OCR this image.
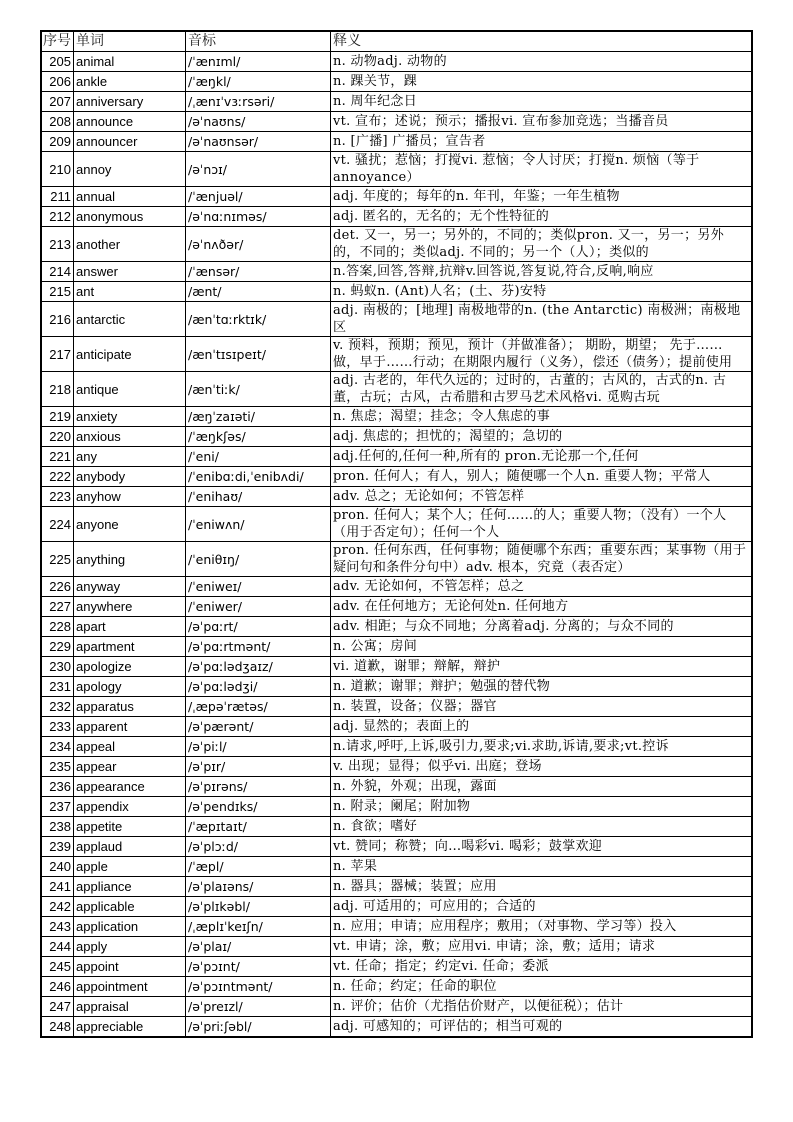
序号	单词	音标	释义
205	animal	/ˈænɪml/	n. 动物adj. 动物的
206	ankle	/ˈæŋkl/	n. 踝关节，踝
207	anniversary	/ˌænɪˈvɜːrsəri/	n. 周年纪念日
208	announce	/əˈnaʊns/	vt. 宣布；述说；预示；播报vi. 宣布参加竞选；当播音员
209	announcer	/əˈnaʊnsər/	n. [广播] 广播员；宣告者
210	annoy	/əˈnɔɪ/	vt. 骚扰；惹恼；打搅vi. 惹恼；令人讨厌；打搅n. 烦恼（等于annoyance）
211	annual	/ˈænjuəl/	adj. 年度的；每年的n. 年刊，年鉴；一年生植物
212	anonymous	/əˈnɑːnɪməs/	adj. 匿名的，无名的；无个性特征的
213	another	/əˈnʌðər/	det. 又一，另一；另外的，不同的；类似pron. 又一，另一；另外的，不同的；类似adj. 不同的；另一个（人）；类似的
214	answer	/ˈænsər/	n.答案,回答,答辩,抗辩v.回答说,答复说,符合,反响,响应
215	ant	/ænt/	n. 蚂蚁n. (Ant)人名；(土、芬)安特
216	antarctic	/ænˈtɑːrktɪk/	adj. 南极的；[地理] 南极地带的n. (the Antarctic) 南极洲；南极地区
217	anticipate	/ænˈtɪsɪpeɪt/	v. 预料，预期；预见，预计（并做准备）； 期盼，期望； 先于……做，早于……行动；在期限内履行（义务），偿还（债务）；提前使用
218	antique	/ænˈtiːk/	adj. 古老的，年代久远的；过时的，古董的；古风的，古式的n. 古董，古玩；古风，古希腊和古罗马艺术风格vi. 觅购古玩
219	anxiety	/æŋˈzaɪəti/	n. 焦虑；渴望；挂念；令人焦虑的事
220	anxious	/ˈæŋkʃəs/	adj. 焦虑的；担忧的；渴望的；急切的
221	any	/ˈeni/	adj.任何的,任何一种,所有的 pron.无论那一个,任何
222	anybody	/ˈenibɑːdi,ˈenibʌdi/	pron. 任何人；有人，别人；随便哪一个人n. 重要人物；平常人
223	anyhow	/ˈenihaʊ/	adv. 总之；无论如何；不管怎样
224	anyone	/ˈeniwʌn/	pron. 任何人；某个人；任何……的人；重要人物；（没有）一个人（用于否定句）；任何一个人
225	anything	/ˈeniθɪŋ/	pron. 任何东西，任何事物；随便哪个东西；重要东西；某事物（用于疑问句和条件分句中）adv. 根本，究竟（表否定）
226	anyway	/ˈeniweɪ/	adv. 无论如何，不管怎样；总之
227	anywhere	/ˈeniwer/	adv. 在任何地方；无论何处n. 任何地方
228	apart	/əˈpɑːrt/	adv. 相距；与众不同地；分离着adj. 分离的；与众不同的
229	apartment	/əˈpɑːrtmənt/	n. 公寓；房间
230	apologize	/əˈpɑːlədʒaɪz/	vi. 道歉，谢罪；辩解，辩护
231	apology	/əˈpɑːlədʒi/	n. 道歉；谢罪；辩护；勉强的替代物
232	apparatus	/ˌæpəˈrætəs/	n. 装置，设备；仪器；器官
233	apparent	/əˈpærənt/	adj. 显然的；表面上的
234	appeal	/əˈpiːl/	n.请求,呼吁,上诉,吸引力,要求;vi.求助,诉请,要求;vt.控诉
235	appear	/əˈpɪr/	v. 出现；显得；似乎vi. 出庭；登场
236	appearance	/əˈpɪrəns/	n. 外貌，外观；出现，露面
237	appendix	/əˈpendɪks/	n. 附录；阑尾；附加物
238	appetite	/ˈæpɪtaɪt/	n. 食欲；嗜好
239	applaud	/əˈplɔːd/	vt. 赞同；称赞；向…喝彩vi. 喝彩；鼓掌欢迎
240	apple	/ˈæpl/	n. 苹果
241	appliance	/əˈplaɪəns/	n. 器具；器械；装置；应用
242	applicable	/əˈplɪkəbl/	adj. 可适用的；可应用的；合适的
243	application	/ˌæplɪˈkeɪʃn/	n. 应用；申请；应用程序；敷用；（对事物、学习等）投入
244	apply	/əˈplaɪ/	vt. 申请；涂，敷；应用vi. 申请；涂，敷；适用；请求
245	appoint	/əˈpɔɪnt/	vt. 任命；指定；约定vi. 任命；委派
246	appointment	/əˈpɔɪntmənt/	n. 任命；约定；任命的职位
247	appraisal	/əˈpreɪzl/	n. 评价；估价（尤指估价财产，以便征税）；估计
248	appreciable	/əˈpriːʃəbl/	adj. 可感知的；可评估的；相当可观的
